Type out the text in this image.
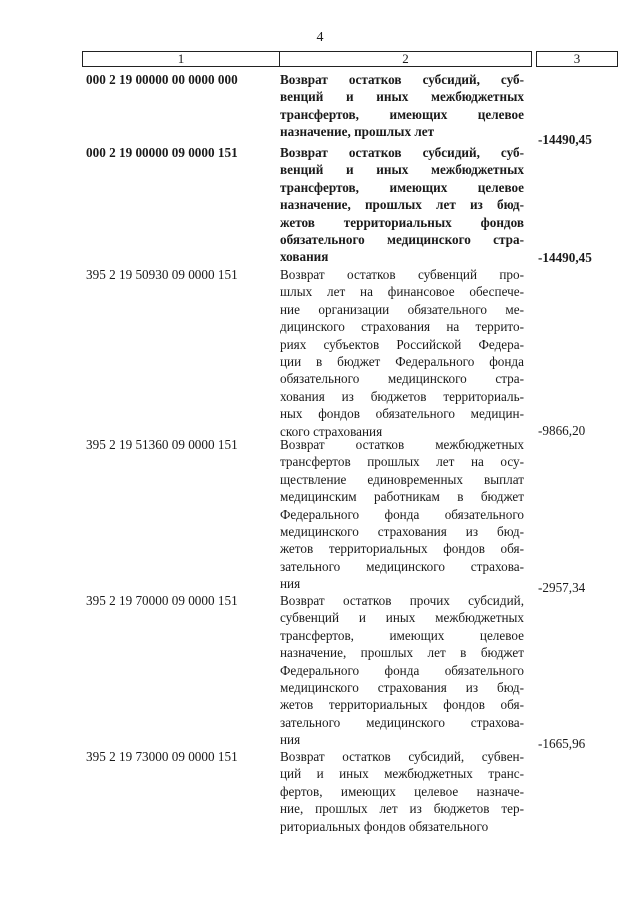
4
1	2		3
000 2 19 00000 00 0000 000	Возврат остатков субсидий, суб-
венций и иных межбюджетных
трансфертов, имеющих целевое
назначение, прошлых лет
-14490,45
000 2 19 00000 09 0000 151	Возврат остатков субсидий, суб-
венций и иных межбюджетных
трансфертов, имеющих целевое
назначение, прошлых лет из бюд-
жетов территориальных фондов
обязательного медицинского стра-
хования	-14490,45
395 2 19 50930 09 0000 151	Возврат остатков субвенций про-
шлых лет на финансовое обеспече-
ние организации обязательного ме-
дицинского страхования на террито-
риях субъектов Российской Федера-
ции в бюджет Федерального фонда
обязательного медицинского стра-
хования из бюджетов территориаль-
ных фондов обязательного медицин-
ского страхования	-9866,20
395 2 19 51360 09 0000 151	Возврат остатков межбюджетных
трансфертов прошлых лет на осу-
ществление единовременных выплат
медицинским работникам в бюджет
Федерального фонда обязательного
медицинского страхования из бюд-
жетов территориальных фондов обя-
зательного медицинского страхова-
ния	-2957,34
395 2 19 70000 09 0000 151	Возврат остатков прочих субсидий,
субвенций и иных межбюджетных
трансфертов, имеющих целевое
назначение, прошлых лет в бюджет
Федерального фонда обязательного
медицинского страхования из бюд-
жетов территориальных фондов обя-
зательного медицинского страхова-
ния	-1665,96
395 2 19 73000 09 0000 151	Возврат остатков субсидий, субвен-
ций и иных межбюджетных транс-
фертов, имеющих целевое назначе-
ние, прошлых лет из бюджетов тер-
риториальных фондов обязательного
